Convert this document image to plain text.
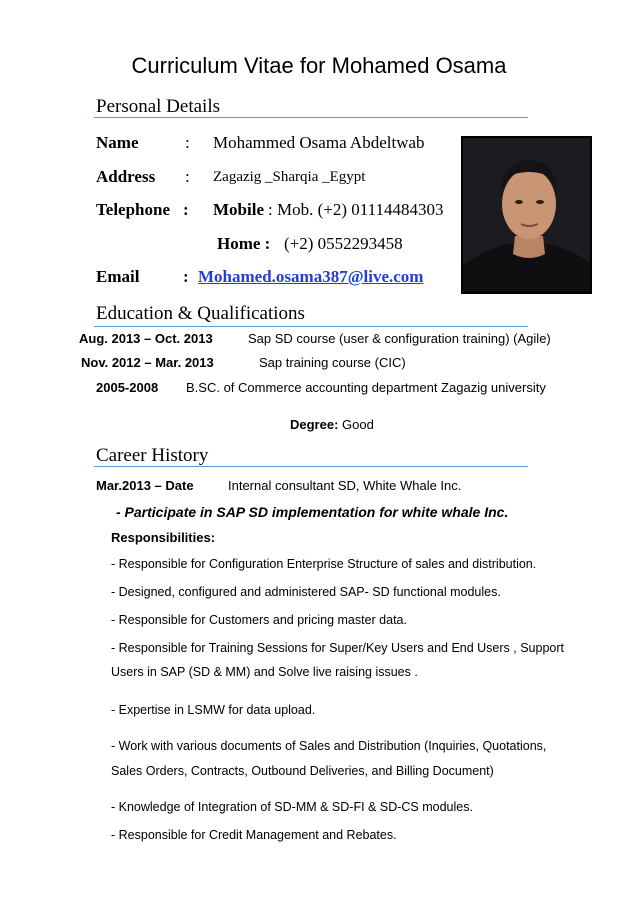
Curriculum Vitae for Mohamed Osama
Personal Details
Name	: Mohammed Osama Abdeltwab
Address : Zagazig _Sharqia _Egypt
Telephone : Mobile : Mob. (+2) 01114484303
Home : (+2) 0552293458
Email	: Mohamed.osama387@live.com
Education & Qualifications
Aug. 2013 – Oct. 2013	Sap SD course (user & configuration training) (Agile)
Nov. 2012 – Mar. 2013	Sap training course (CIC)
2005-2008 B.SC. of Commerce accounting department Zagazig university
Degree: Good
Career History
Mar.2013 – Date	Internal consultant SD, White Whale Inc.
- Participate in SAP SD implementation for white whale Inc.
Responsibilities:
- Responsible for Configuration Enterprise Structure of sales and distribution.
- Designed, configured and administered SAP- SD functional modules.
- Responsible for Customers and pricing master data.
- Responsible for Training Sessions for Super/Key Users and End Users , Support
Users in SAP (SD & MM) and Solve live raising issues .
- Expertise in LSMW for data upload.
- Work with various documents of Sales and Distribution (Inquiries, Quotations,
Sales Orders, Contracts, Outbound Deliveries, and Billing Document)
- Knowledge of Integration of SD-MM & SD-FI & SD-CS modules.
- Responsible for Credit Management and Rebates.
